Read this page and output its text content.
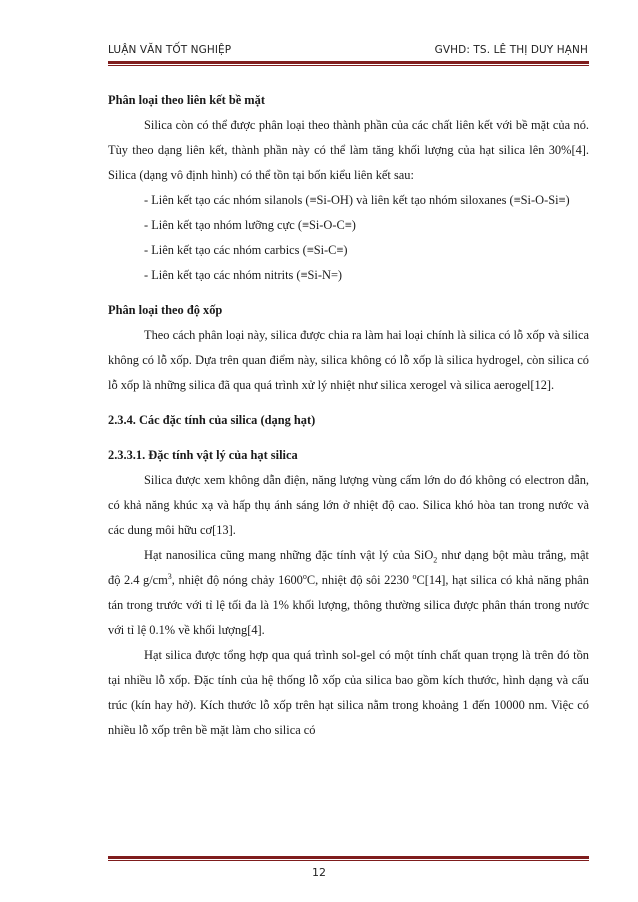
LUẬN VĂN TỐT NGHIỆP	GVHD: TS. LÊ THỊ DUY HẠNH

Phân loại theo liên kết bề mặt

Silica còn có thể được phân loại theo thành phần của các chất liên kết với bề mặt của nó. Tùy theo dạng liên kết, thành phần này có thể làm tăng khối lượng của hạt silica lên 30%[4]. Silica (dạng vô định hình) có thể tồn tại bốn kiểu liên kết sau:

- Liên kết tạo các nhóm silanols (≡Si-OH) và liên kết tạo nhóm siloxanes (≡Si-O-Si≡)

- Liên kết tạo nhóm lưỡng cực (≡Si-O-C≡)

- Liên kết tạo các nhóm carbics (≡Si-C≡)

- Liên kết tạo các nhóm nitrits (≡Si-N=)

Phân loại theo độ xốp

Theo cách phân loại này, silica được chia ra làm hai loại chính là silica có lỗ xốp và silica không có lỗ xốp. Dựa trên quan điểm này, silica không có lỗ xốp là silica hydrogel, còn silica có lỗ xốp là những silica đã qua quá trình xử lý nhiệt như silica xerogel và silica aerogel[12].

2.3.4. Các đặc tính của silica (dạng hạt)

2.3.3.1. Đặc tính vật lý của hạt silica

Silica được xem không dẫn điện, năng lượng vùng cấm lớn do đó không có electron dẫn, có khả năng khúc xạ và hấp thụ ánh sáng lớn ở nhiệt độ cao. Silica khó hòa tan trong nước và các dung môi hữu cơ[13].

Hạt nanosilica cũng mang những đặc tính vật lý của SiO$_2$ như dạng bột màu trắng, mật độ 2.4 $g/cm^3$, nhiệt độ nóng chảy 1600$^o$C, nhiệt độ sôi 2230 $^o$C[14], hạt silica có khả năng phân tán trong trước với tỉ lệ tối đa là 1% khối lượng, thông thường silica được phân thán trong nước với tỉ lệ 0.1% về khối lượng[4].

Hạt silica được tổng hợp qua quá trình sol-gel có một tính chất quan trọng là trên đó tồn tại nhiều lỗ xốp. Đặc tính của hệ thống lỗ xốp của silica bao gồm kích thước, hình dạng và cấu trúc (kín hay hở). Kích thước lỗ xốp trên hạt silica nằm trong khoảng 1 đến 10000 nm. Việc có nhiều lỗ xốp trên bề mặt làm cho silica có

12
